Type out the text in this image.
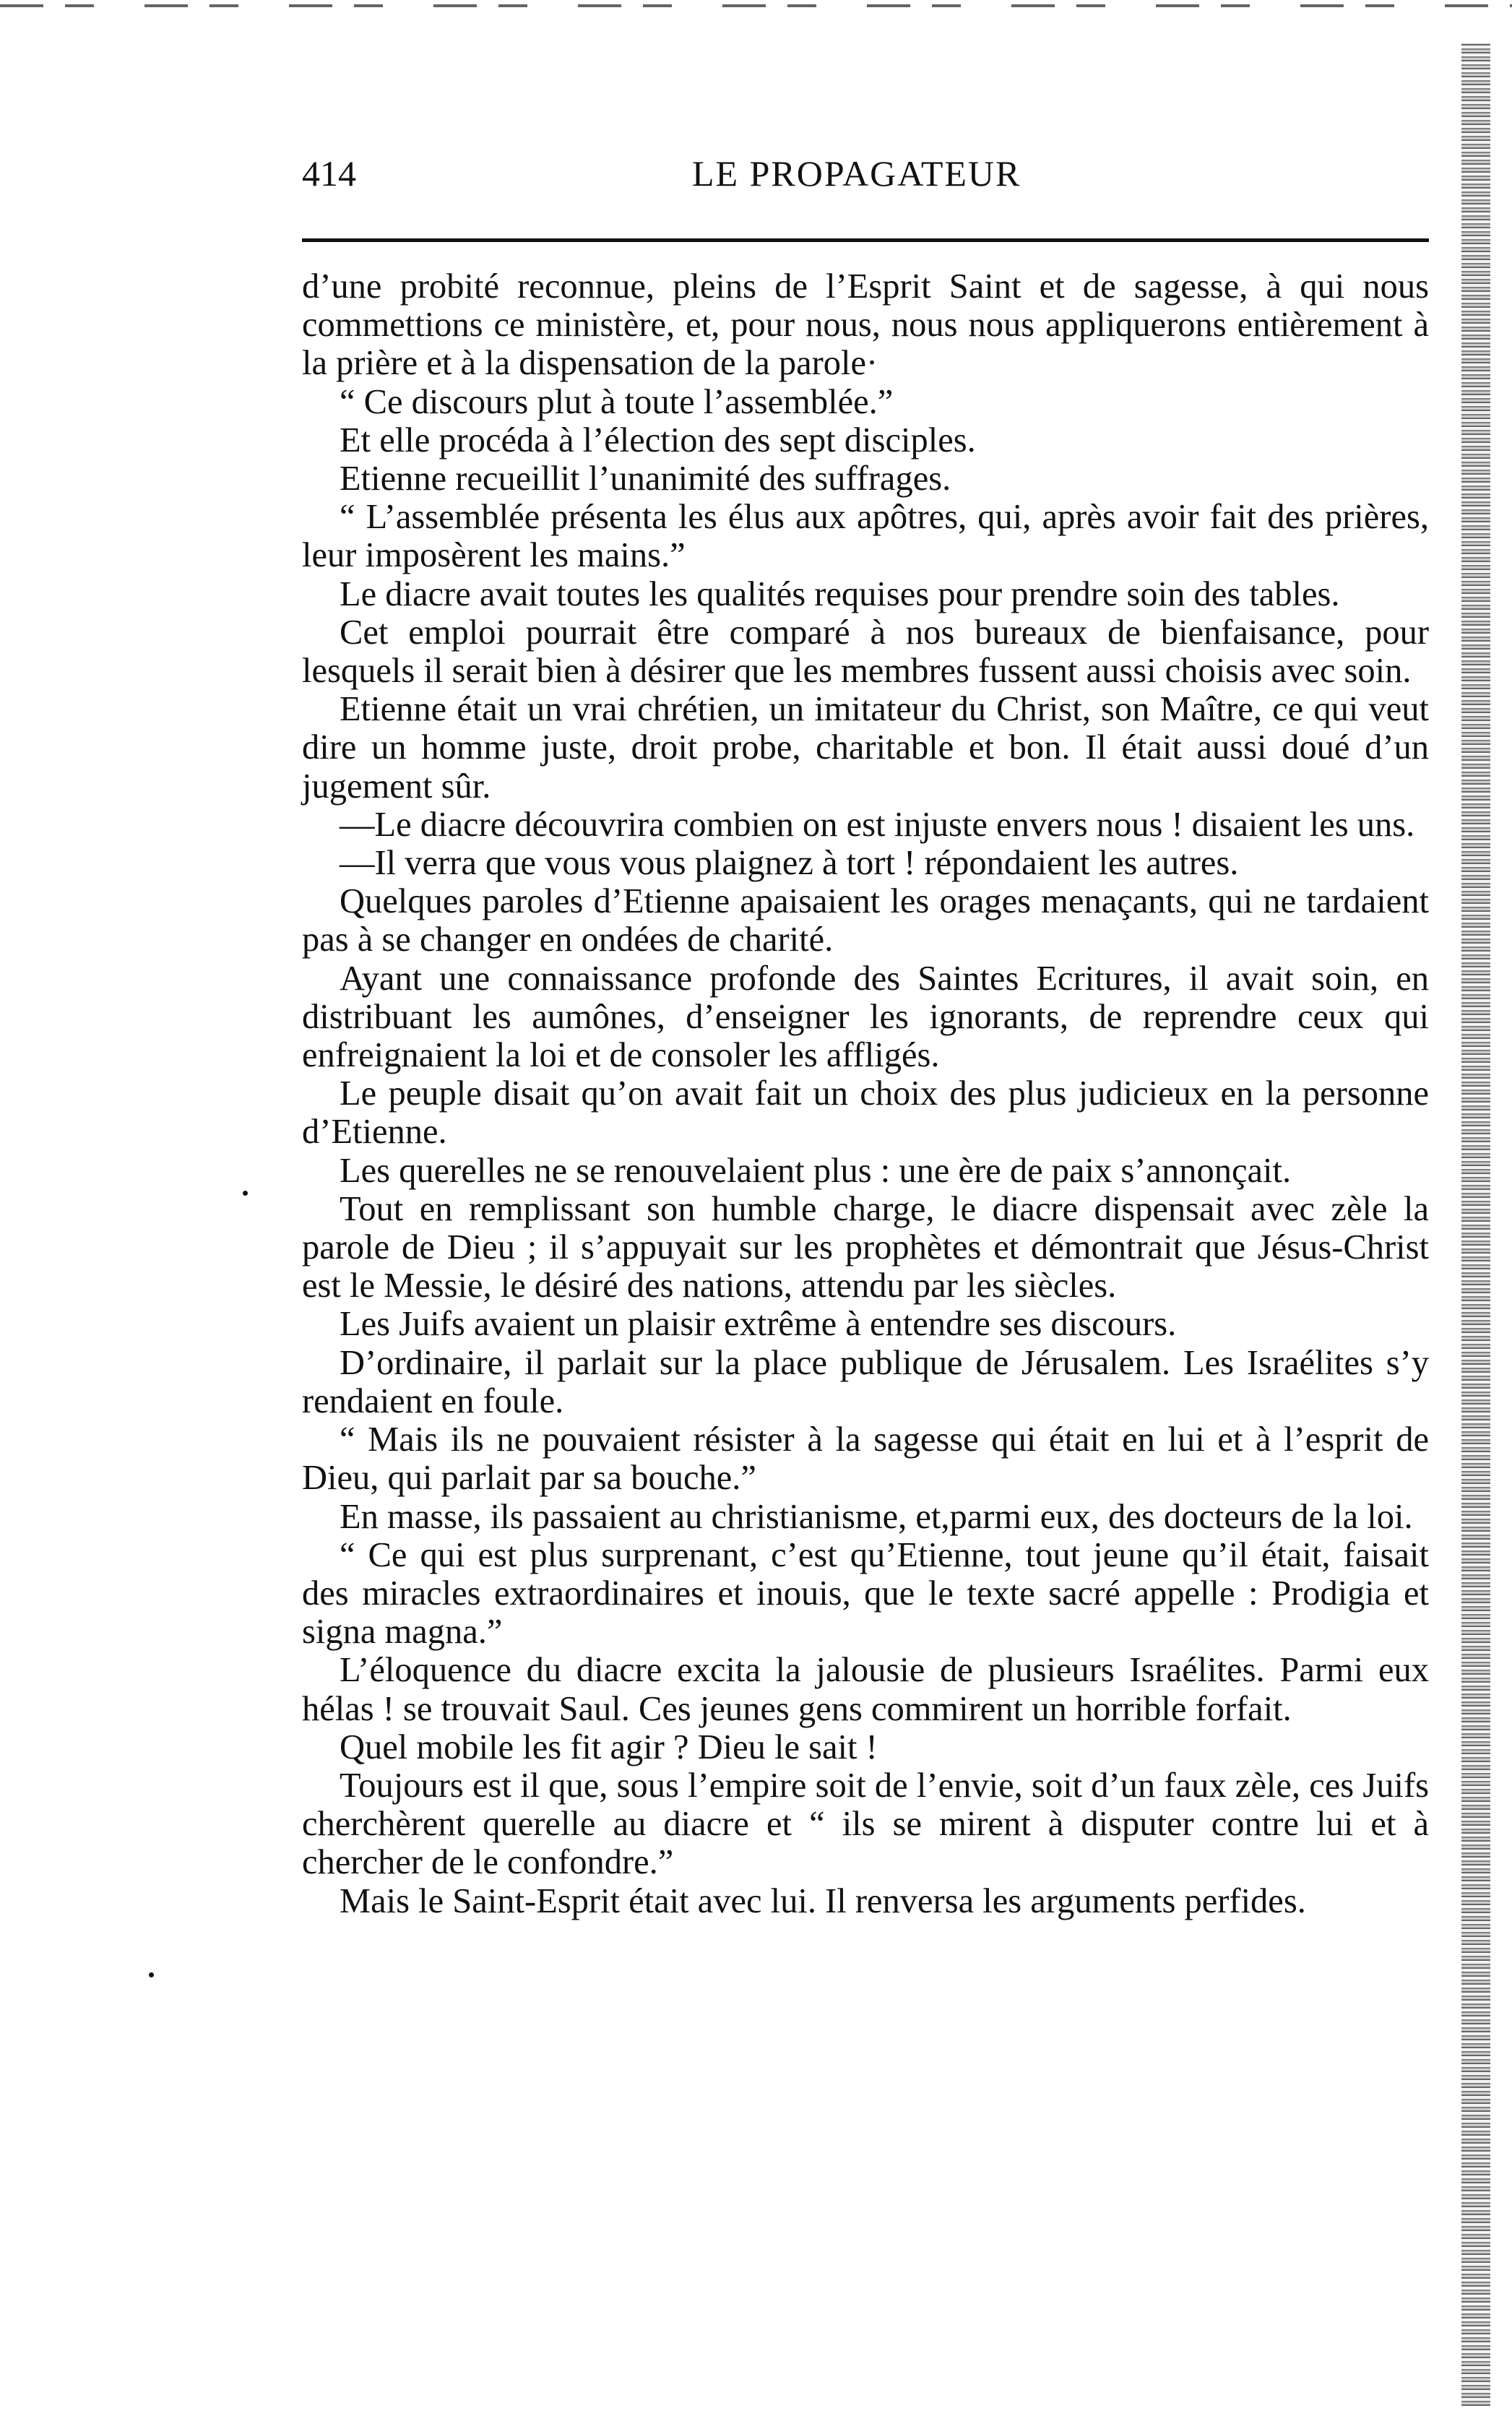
414	LE PROPAGATEUR

d’une probité reconnue, pleins de l’Esprit Saint et de sagesse, à qui nous commettions ce ministère, et, pour nous, nous nous appliquerons entièrement à la prière et à la dispensation de la parole·

“ Ce discours plut à toute l’assemblée.”

Et elle procéda à l’élection des sept disciples.

Etienne recueillit l’unanimité des suffrages.

“ L’assemblée présenta les élus aux apôtres, qui, après avoir fait des prières, leur imposèrent les mains.”

Le diacre avait toutes les qualités requises pour prendre soin des tables.

Cet emploi pourrait être comparé à nos bureaux de bienfaisance, pour lesquels il serait bien à désirer que les membres fussent aussi choisis avec soin.

Etienne était un vrai chrétien, un imitateur du Christ, son Maître, ce qui veut dire un homme juste, droit probe, charitable et bon. Il était aussi doué d’un jugement sûr.

—Le diacre découvrira combien on est injuste envers nous ! disaient les uns.

—Il verra que vous vous plaignez à tort ! répondaient les autres.

Quelques paroles d’Etienne apaisaient les orages menaçants, qui ne tardaient pas à se changer en ondées de charité.

Ayant une connaissance profonde des Saintes Ecritures, il avait soin, en distribuant les aumônes, d’enseigner les ignorants, de reprendre ceux qui enfreignaient la loi et de consoler les affligés.

Le peuple disait qu’on avait fait un choix des plus judicieux en la personne d’Etienne.

Les querelles ne se renouvelaient plus : une ère de paix s’annonçait.

Tout en remplissant son humble charge, le diacre dispensait avec zèle la parole de Dieu ; il s’appuyait sur les prophètes et démontrait que Jésus-Christ est le Messie, le désiré des nations, attendu par les siècles.

Les Juifs avaient un plaisir extrême à entendre ses discours.

D’ordinaire, il parlait sur la place publique de Jérusalem. Les Israélites s’y rendaient en foule.

“ Mais ils ne pouvaient résister à la sagesse qui était en lui et à l’esprit de Dieu, qui parlait par sa bouche.”

En masse, ils passaient au christianisme, et,parmi eux, des docteurs de la loi.

“ Ce qui est plus surprenant, c’est qu’Etienne, tout jeune qu’il était, faisait des miracles extraordinaires et inouis, que le texte sacré appelle : Prodigia et signa magna.”

L’éloquence du diacre excita la jalousie de plusieurs Israélites. Parmi eux hélas ! se trouvait Saul. Ces jeunes gens commirent un horrible forfait.

Quel mobile les fit agir ? Dieu le sait !

Toujours est il que, sous l’empire soit de l’envie, soit d’un faux zèle, ces Juifs cherchèrent querelle au diacre et “ ils se mirent à disputer contre lui et à chercher de le confondre.”

Mais le Saint-Esprit était avec lui. Il renversa les arguments perfides.
